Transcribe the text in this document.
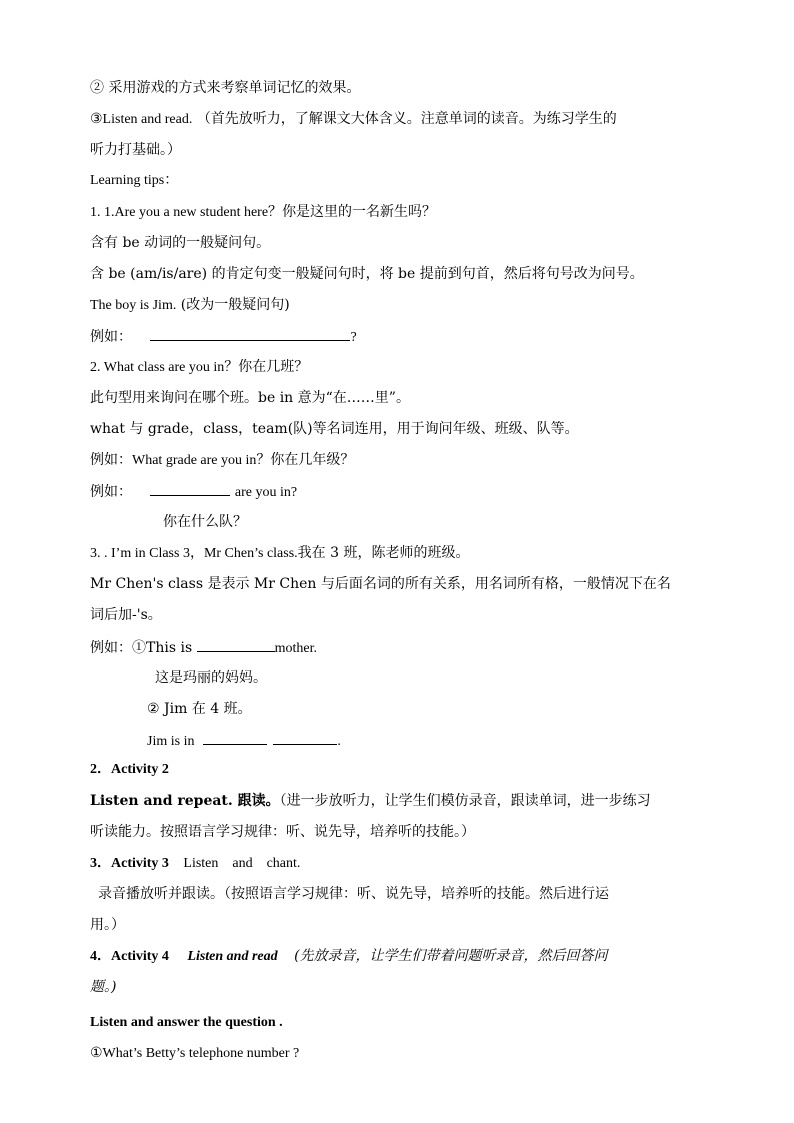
② 采用游戏的方式来考察单词记忆的效果。
③Listen and read. （首先放听力，了解课文大体含义。注意单词的读音。为练习学生的
听力打基础。）
Learning tips：
1. 1.Are you a new student here？你是这里的一名新生吗？
含有 be 动词的一般疑问句。
含 be (am/is/are) 的肯定句变一般疑问句时，将 be 提前到句首，然后将句号改为问号。
The boy is Jim. (改为一般疑问句)
例如：	?
2. What class are you in？你在几班？
此句型用来询问在哪个班。be in 意为“在……里”。
what 与 grade，class，team(队)等名词连用，用于询问年级、班级、队等。
例如：What grade are you in？你在几年级？
例如：	are you in?
你在什么队？
3. . I’m in Class 3，Mr Chen’s class.我在 3 班，陈老师的班级。
Mr Chen's class 是表示 Mr Chen 与后面名词的所有关系，用名词所有格，一般情况下在名
词后加-'s。
例如：①This is	mother.
这是玛丽的妈妈。
② Jim 在 4 班。
Jim is in	.
2．Activity 2
Listen and repeat. 跟读。（进一步放听力，让学生们模仿录音，跟读单词，进一步练习
听读能力。按照语言学习规律：听、说先导，培养听的技能。）
3．Activity 3 Listen    and    chant.
录音播放听并跟读。（按照语言学习规律：听、说先导，培养听的技能。然后进行运
用。）
4．Activity 4 Listen and read (先放录音，让学生们带着问题听录音，然后回答问
题。)
Listen and answer the question .
①What’s Betty’s telephone number ?
